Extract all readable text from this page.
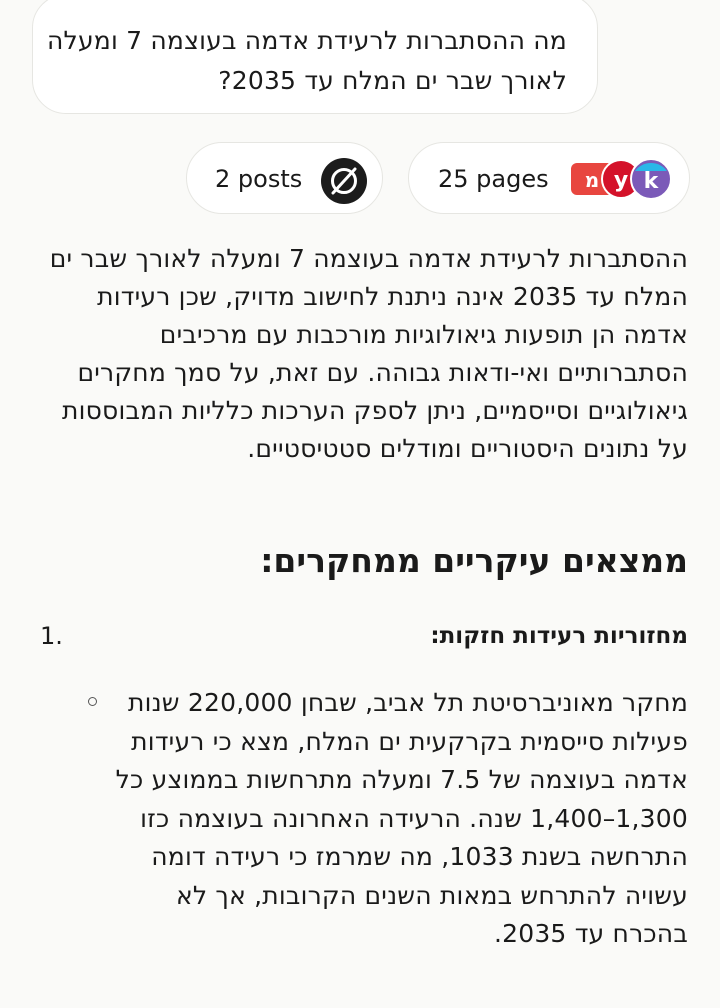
מה ההסתברות לרעידת אדמה בעוצמה 7 ומעלה לאורך שבר ים המלח עד 2035?
2 posts	25 pages מ y k
ההסתברות לרעידת אדמה בעוצמה 7 ומעלה לאורך שבר ים המלח עד 2035 אינה ניתנת לחישוב מדויק, שכן רעידות אדמה הן תופעות גיאולוגיות מורכבות עם מרכיבים הסתברותיים ואי-ודאות גבוהה. עם זאת, על סמך מחקרים גיאולוגיים וסייסמיים, ניתן לספק הערכות כלליות המבוססות על נתונים היסטוריים ומודלים סטטיסטיים.
ממצאים עיקריים ממחקרים:
1.	מחזוריות רעידות חזקות:
מחקר מאוניברסיטת תל אביב, שבחן 220,000 שנות פעילות סייסמית בקרקעית ים המלח, מצא כי רעידות אדמה בעוצמה של 7.5 ומעלה מתרחשות בממוצע כל 1,300–1,400 שנה. הרעידה האחרונה בעוצמה כזו התרחשה בשנת 1033, מה שמרמז כי רעידה דומה עשויה להתרחש במאות השנים הקרובות, אך לא בהכרח עד 2035.
